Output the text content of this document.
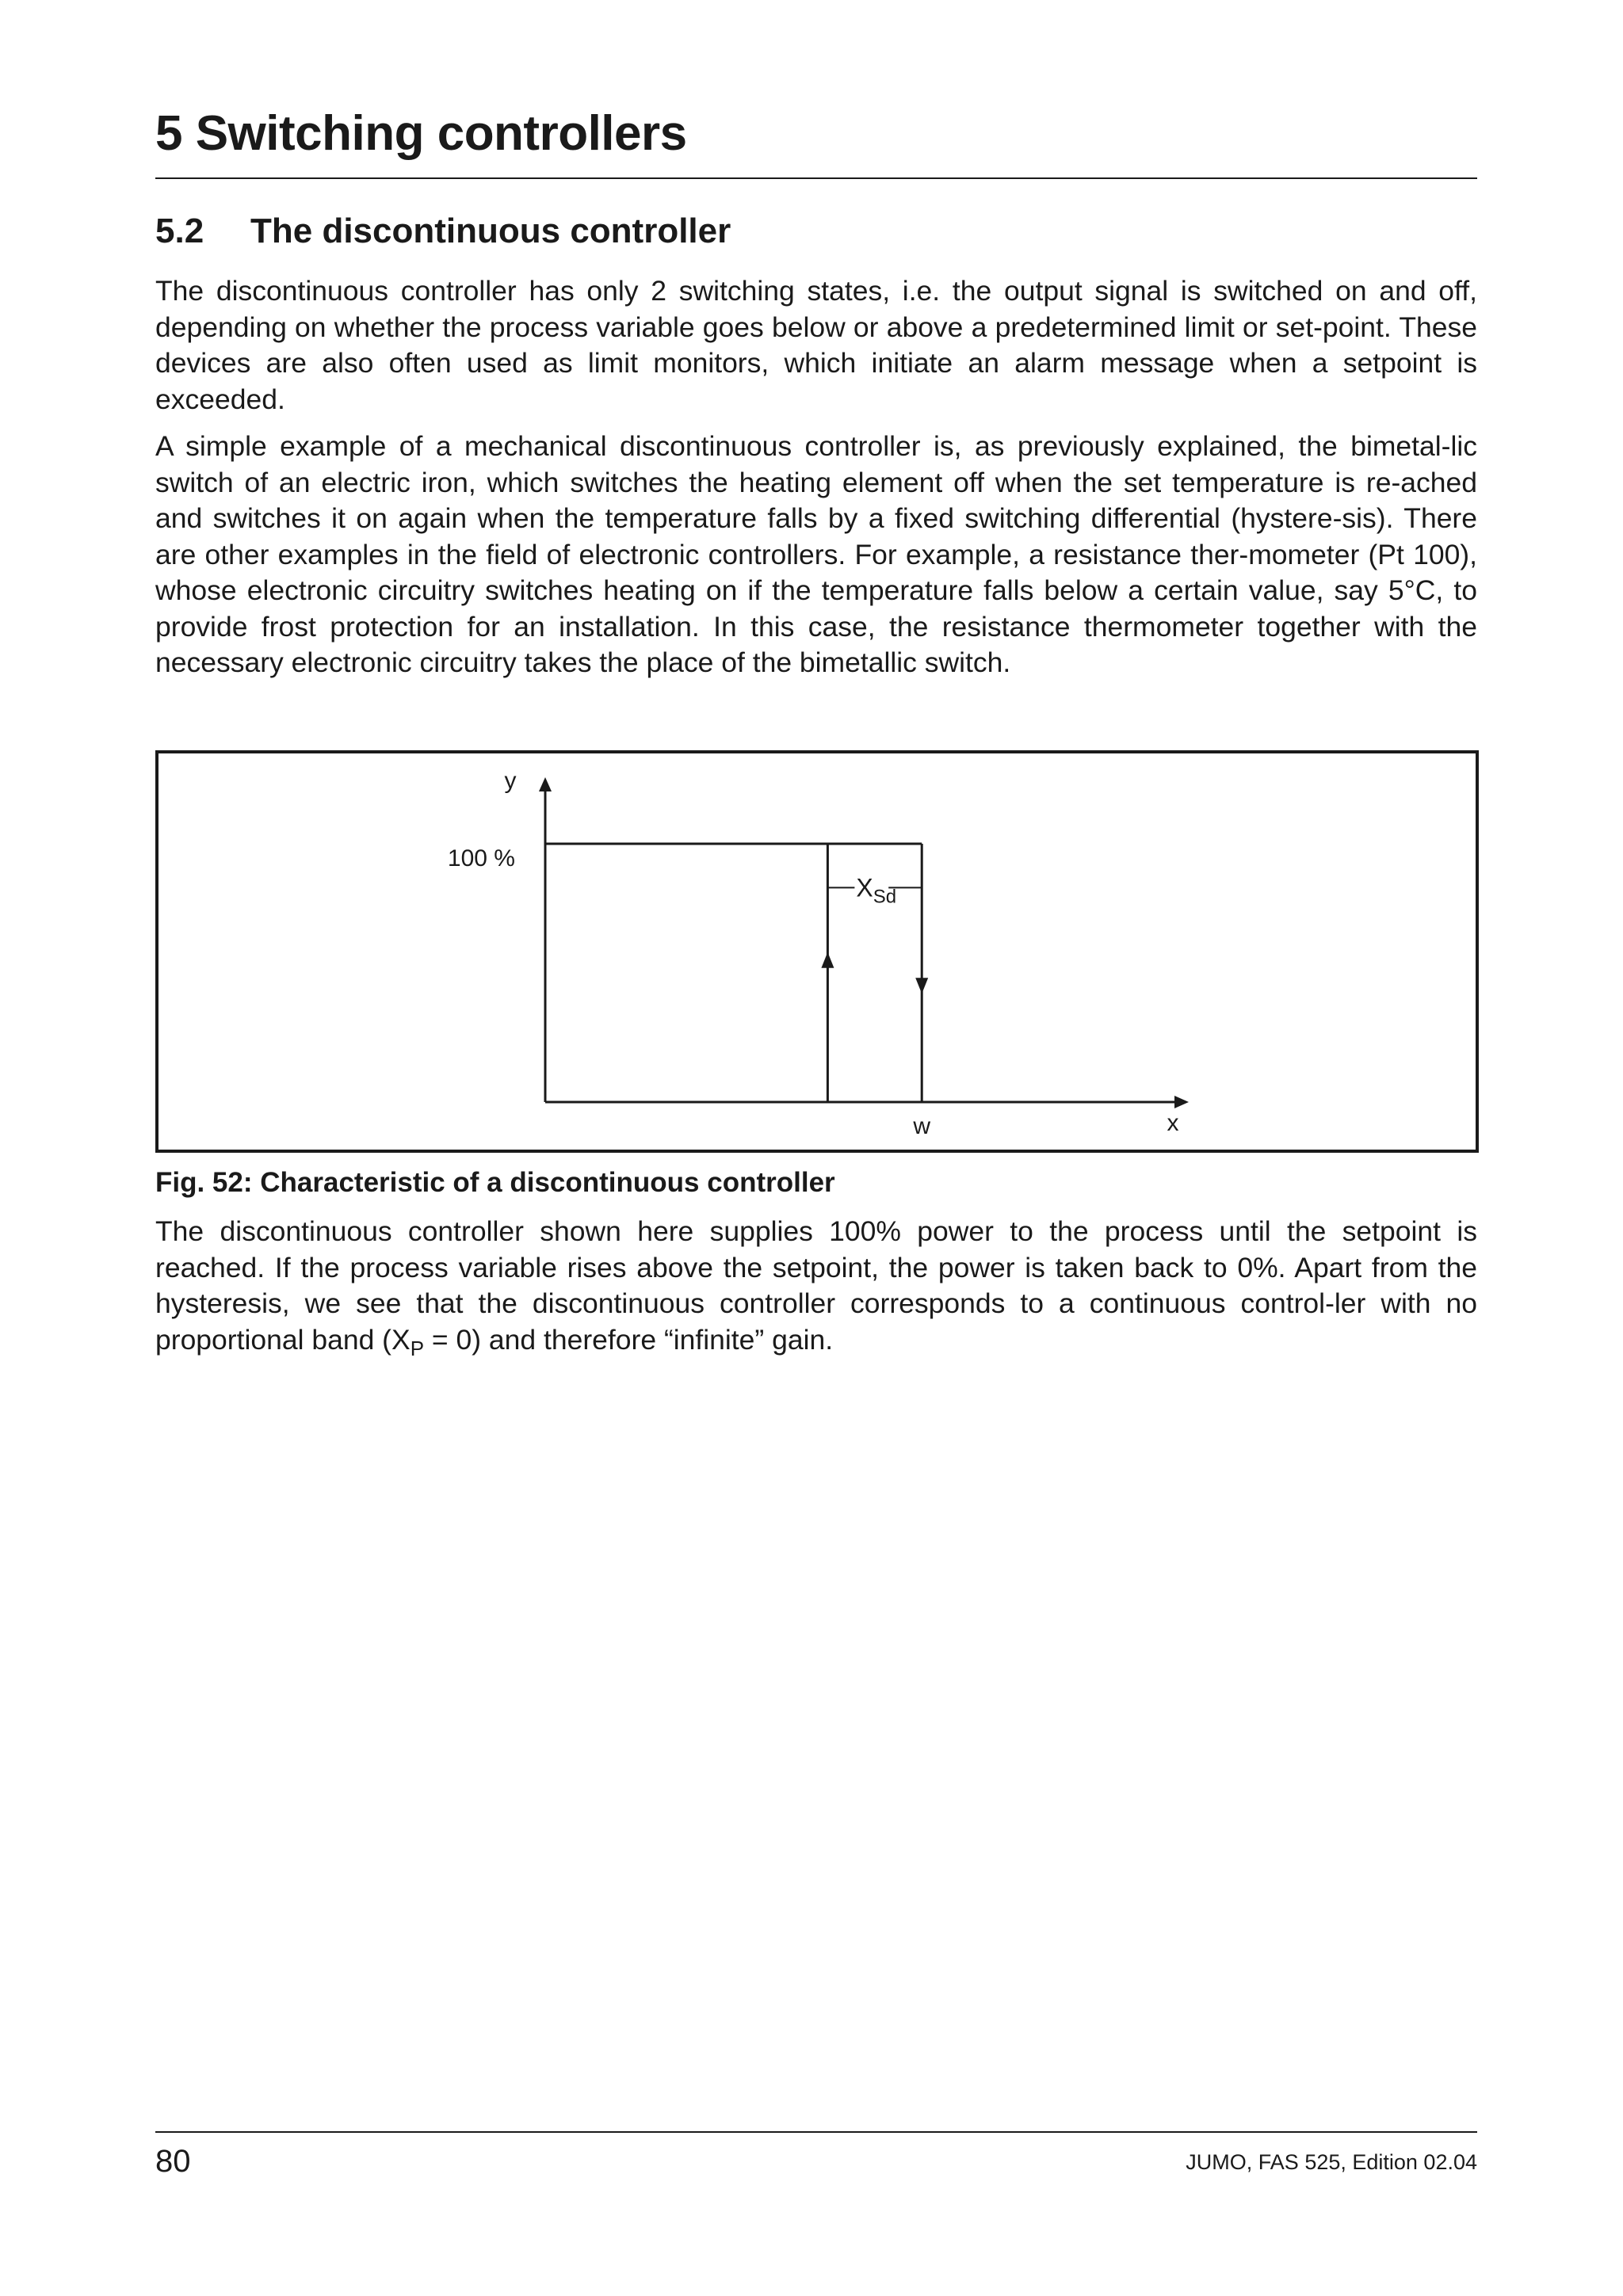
5 Switching controllers
5.2 The discontinuous controller

The discontinuous controller has only 2 switching states, i.e. the output signal is switched on and off, depending on whether the process variable goes below or above a predetermined limit or set-point. These devices are also often used as limit monitors, which initiate an alarm message when a setpoint is exceeded.

A simple example of a mechanical discontinuous controller is, as previously explained, the bimetal-lic switch of an electric iron, which switches the heating element off when the set temperature is re-ached and switches it on again when the temperature falls by a fixed switching differential (hystere-sis). There are other examples in the field of electronic controllers. For example, a resistance ther-mometer (Pt 100), whose electronic circuitry switches heating on if the temperature falls below a certain value, say 5°C, to provide frost protection for an installation. In this case, the resistance thermometer together with the necessary electronic circuitry takes the place of the bimetallic switch.

y
100 %
x
w
$X_{Sd}$

Fig. 52: Characteristic of a discontinuous controller

The discontinuous controller shown here supplies 100% power to the process until the setpoint is reached. If the process variable rises above the setpoint, the power is taken back to 0%. Apart from the hysteresis, we see that the discontinuous controller corresponds to a continuous control-ler with no proportional band $(X_P = 0)$ and therefore “infinite” gain.

80	JUMO, FAS 525, Edition 02.04
